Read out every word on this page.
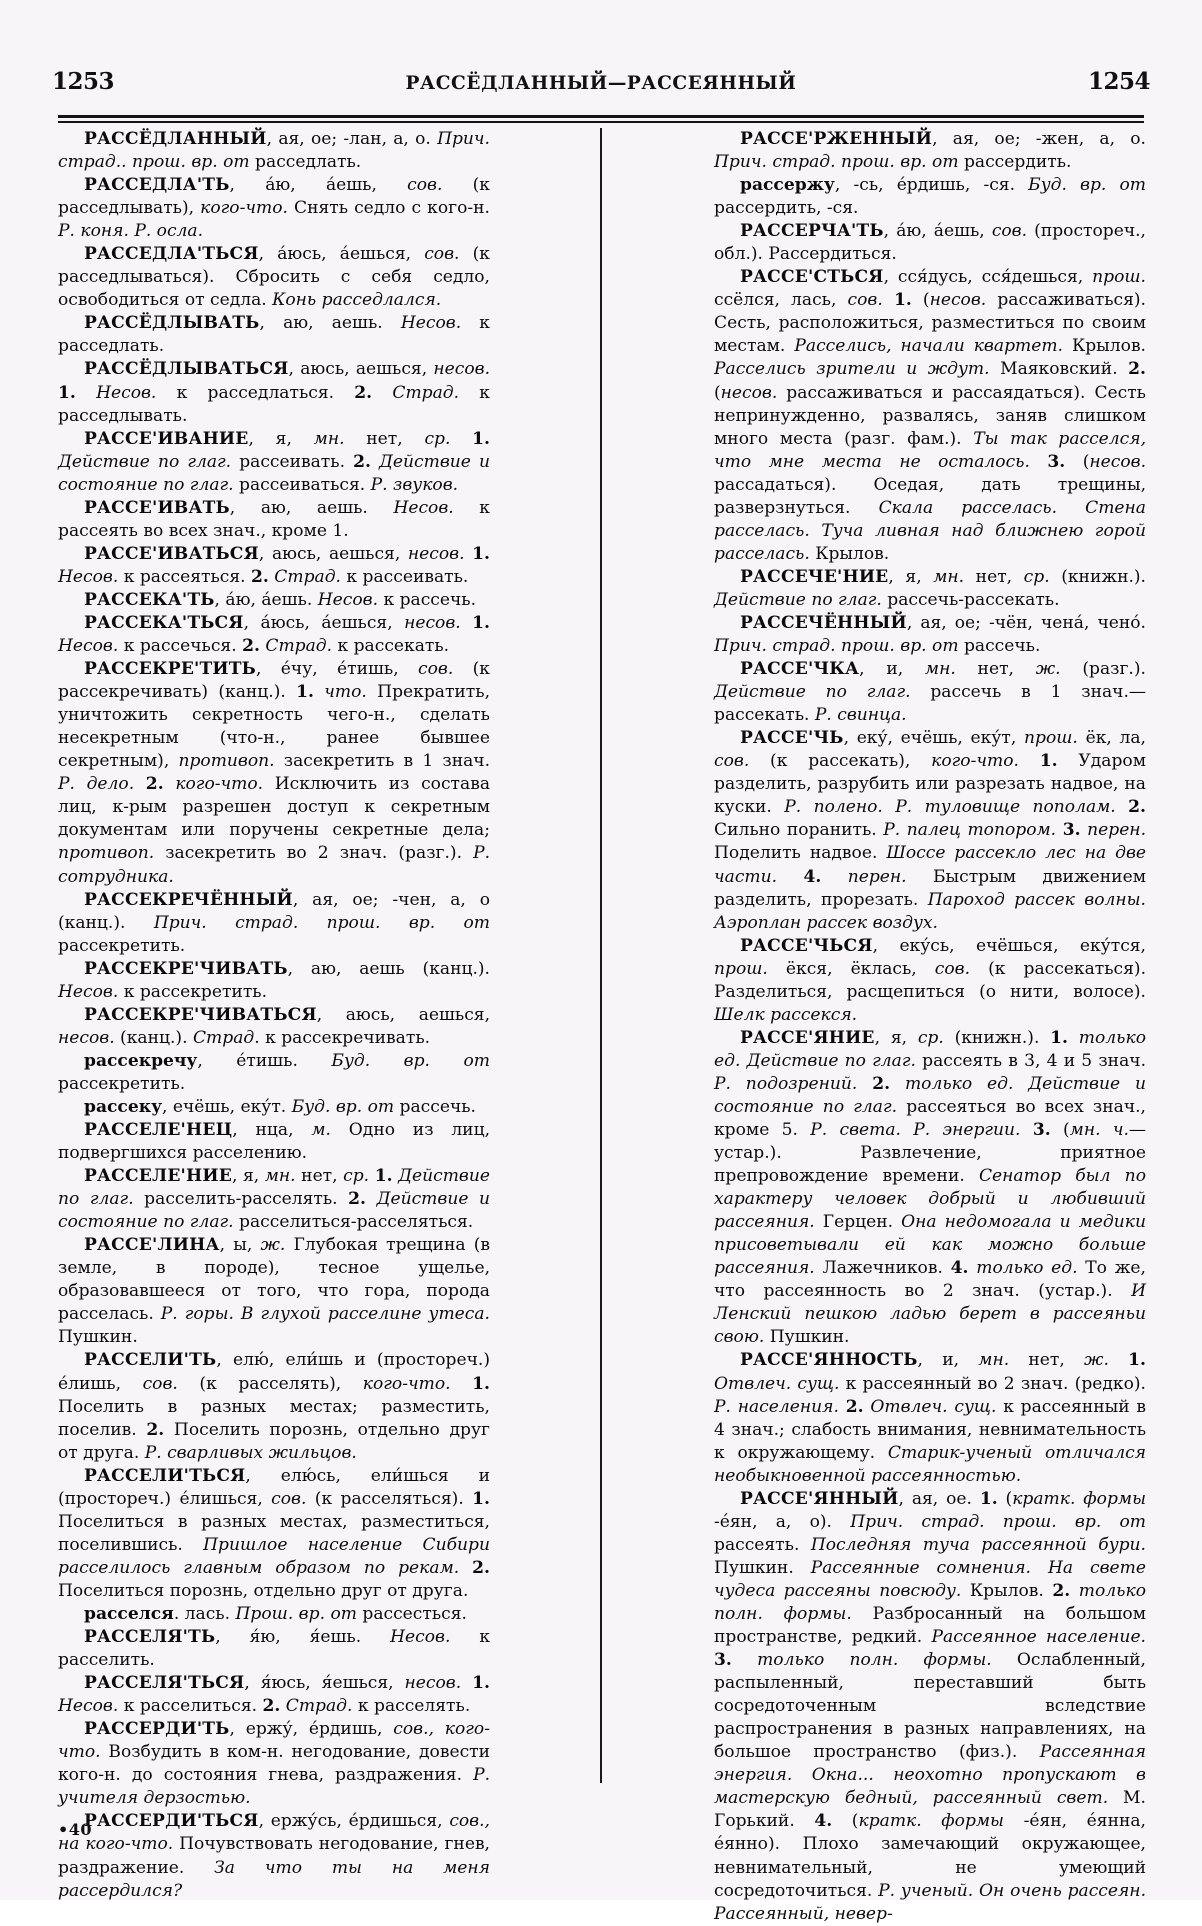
1253	РАССЁДЛАННЫЙ—РАССЕЯННЫЙ	1254

РАССЁДЛАННЫЙ, ая, ое; -лан, а, о. Прич. страд.. прош. вр. от расседлать.

РАССЕДЛА'ТЬ, а́ю, а́ешь, сов. (к расседлывать), кого-что. Снять седло с кого-н. Р. коня. Р. осла.

РАССЕДЛА'ТЬСЯ, а́юсь, а́ешься, сов. (к расседлываться). Сбросить с себя седло, освободиться от седла. Конь расседлался.

РАССЁДЛЫВАТЬ, аю, аешь. Несов. к расседлать.

РАССЁДЛЫВАТЬСЯ, аюсь, аешься, несов. 1. Несов. к расседлаться. 2. Страд. к расседлывать.

РАССЕ'ИВАНИЕ, я, мн. нет, ср. 1. Действие по глаг. рассеивать. 2. Действие и состояние по глаг. рассеиваться. Р. звуков.

РАССЕ'ИВАТЬ, аю, аешь. Несов. к рассеять во всех знач., кроме 1.

РАССЕ'ИВАТЬСЯ, аюсь, аешься, несов. 1. Несов. к рассеяться. 2. Страд. к рассеивать.

РАССЕКА'ТЬ, а́ю, а́ешь. Несов. к рассечь.

РАССЕКА'ТЬСЯ, а́юсь, а́ешься, несов. 1. Несов. к рассечься. 2. Страд. к рассекать.

РАССЕКРЕ'ТИТЬ, е́чу, е́тишь, сов. (к рассекречивать) (канц.). 1. что. Прекратить, уничтожить секретность чего-н., сделать несекретным (что-н., ранее бывшее секретным), противоп. засекретить в 1 знач. Р. дело. 2. кого-что. Исключить из состава лиц, к-рым разрешен доступ к секретным документам или поручены секретные дела; противоп. засекретить во 2 знач. (разг.). Р. сотрудника.

РАССЕКРЕЧЁННЫЙ, ая, ое; -чен, а, о (канц.). Прич. страд. прош. вр. от рассекретить.

РАССЕКРЕ'ЧИВАТЬ, аю, аешь (канц.). Несов. к рассекретить.

РАССЕКРЕ'ЧИВАТЬСЯ, аюсь, аешься, несов. (канц.). Страд. к рассекречивать.

рассекречу, е́тишь. Буд. вр. от рассекретить.

рассеку, ечёшь, еку́т. Буд. вр. от рассечь.

РАССЕЛЕ'НЕЦ, нца, м. Одно из лиц, подвергшихся расселению.

РАССЕЛЕ'НИЕ, я, мн. нет, ср. 1. Действие по глаг. расселить-расселять. 2. Действие и состояние по глаг. расселиться-расселяться.

РАССЕ'ЛИНА, ы, ж. Глубокая трещина (в земле, в породе), тесное ущелье, образовавшееся от того, что гора, порода расселась. Р. горы. В глухой расселине утеса. Пушкин.

РАССЕЛИ'ТЬ, елю́, ели́шь и (простореч.) е́лишь, сов. (к расселять), кого-что. 1. Поселить в разных местах; разместить, поселив. 2. Поселить порознь, отдельно друг от друга. Р. сварливых жильцов.

РАССЕЛИ'ТЬСЯ, елю́сь, ели́шься и (простореч.) е́лишься, сов. (к расселяться). 1. Поселиться в разных местах, разместиться, поселившись. Пришлое население Сибири расселилось главным образом по рекам. 2. Поселиться порознь, отдельно друг от друга.

расселся. лась. Прош. вр. от рассесться.

РАССЕЛЯ'ТЬ, я́ю, я́ешь. Несов. к расселить.

РАССЕЛЯ'ТЬСЯ, я́юсь, я́ешься, несов. 1. Несов. к расселиться. 2. Страд. к расселять.

РАССЕРДИ'ТЬ, ержу́, е́рдишь, сов., кого-что. Возбудить в ком-н. негодование, довести кого-н. до состояния гнева, раздражения. Р. учителя дерзостью.

РАССЕРДИ'ТЬСЯ, ержу́сь, е́рдишься, сов., на кого-что. Почувствовать негодование, гнев, раздражение. За что ты на меня рассердился?

РАССЕ'РЖЕННЫЙ, ая, ое; -жен, а, о. Прич. страд. прош. вр. от рассердить.

рассержу, -сь, е́рдишь, -ся. Буд. вр. от рассердить, -ся.

РАССЕРЧА'ТЬ, а́ю, а́ешь, сов. (простореч., обл.). Рассердиться.

РАССЕ'СТЬСЯ, сся́дусь, сся́дешься, прош. ссёлся, лась, сов. 1. (несов. рассаживаться). Сесть, расположиться, разместиться по своим местам. Расселись, начали квартет. Крылов. Расселись зрители и ждут. Маяковский. 2. (несов. рассаживаться и рассаядаться). Сесть непринужденно, развалясь, заняв слишком много места (разг. фам.). Ты так расселся, что мне места не осталось. 3. (несов. рассадаться). Оседая, дать трещины, разверзнуться. Скала расселась. Стена расселась. Туча ливная над ближнею горой расселась. Крылов.

РАССЕЧЕ'НИЕ, я, мн. нет, ср. (книжн.). Действие по глаг. рассечь-рассекать.

РАССЕЧЁННЫЙ, ая, ое; -чён, чена́, чено́. Прич. страд. прош. вр. от рассечь.

РАССЕ'ЧКА, и, мн. нет, ж. (разг.). Действие по глаг. рассечь в 1 знач.—рассекать. Р. свинца.

РАССЕ'ЧЬ, еку́, ечёшь, еку́т, прош. ёк, ла, сов. (к рассекать), кого-что. 1. Ударом разделить, разрубить или разрезать надвое, на куски. Р. полено. Р. туловище пополам. 2. Сильно поранить. Р. палец топором. 3. перен. Поделить надвое. Шоссе рассекло лес на две части. 4. перен. Быстрым движением разделить, прорезать. Пароход рассек волны. Аэроплан рассек воздух.

РАССЕ'ЧЬСЯ, еку́сь, ечёшься, еку́тся, прош. ёкся, ёклась, сов. (к рассекаться). Разделиться, расщепиться (о нити, волосе). Шелк рассекся.

РАССЕ'ЯНИЕ, я, ср. (книжн.). 1. только ед. Действие по глаг. рассеять в 3, 4 и 5 знач. Р. подозрений. 2. только ед. Действие и состояние по глаг. рассеяться во всех знач., кроме 5. Р. света. Р. энергии. 3. (мн. ч.—устар.). Развлечение, приятное препровождение времени. Сенатор был по характеру человек добрый и любивший рассеяния. Герцен. Она недомогала и медики присоветывали ей как можно больше рассеяния. Лажечников. 4. только ед. То же, что рассеянность во 2 знач. (устар.). И Ленский пешкою ладью берет в рассеяньи свою. Пушкин.

РАССЕ'ЯННОСТЬ, и, мн. нет, ж. 1. Отвлеч. сущ. к рассеянный во 2 знач. (редко). Р. населения. 2. Отвлеч. сущ. к рассеянный в 4 знач.; слабость внимания, невнимательность к окружающему. Старик-ученый отличался необыкновенной рассеянностью.

РАССЕ'ЯННЫЙ, ая, ое. 1. (кратк. формы -éян, а, о). Прич. страд. прош. вр. от рассеять. Последняя туча рассеянной бури. Пушкин. Рассеянные сомнения. На свете чудеса рассеяны повсюду. Крылов. 2. только полн. формы. Разбросанный на большом пространстве, редкий. Рассеянное население. 3. только полн. формы. Ослабленный, распыленный, перестaвший быть сосредоточенным вследствие распространения в разных направлениях, на большое пространство (физ.). Рассеянная энергия. Окна... неохотно пропускают в мастерскую бедный, рассеянный свет. М. Горький. 4. (кратк. формы -éян, éянна, éянно). Плохо замечающий окружающее, невнимательный, не умеющий сосредоточиться. Р. ученый. Он очень рассеян. Рассеянный, невер-

•40
